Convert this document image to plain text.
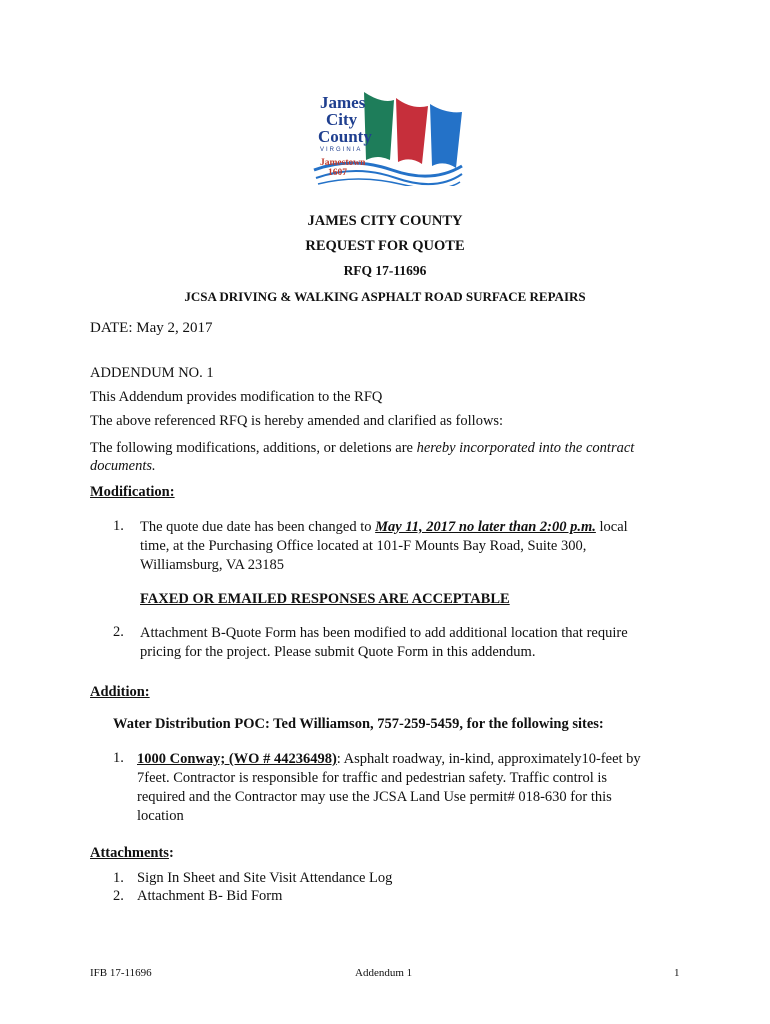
James
City
County
VIRGINIA
Jamestown
1607
JAMES CITY COUNTY
REQUEST FOR QUOTE
RFQ 17-11696
JCSA DRIVING & WALKING ASPHALT ROAD SURFACE REPAIRS
DATE: May 2, 2017
ADDENDUM NO. 1
This Addendum provides modification to the RFQ
The above referenced RFQ is hereby amended and clarified as follows:
The following modifications, additions, or deletions are hereby incorporated into the contract
documents.
Modification:
1.	The quote due date has been changed to May 11, 2017 no later than 2:00 p.m. local
time, at the Purchasing Office located at 101-F Mounts Bay Road, Suite 300,
Williamsburg, VA 23185
FAXED OR EMAILED RESPONSES ARE ACCEPTABLE
2.	Attachment B-Quote Form has been modified to add additional location that require
pricing for the project. Please submit Quote Form in this addendum.
Addition:
Water Distribution POC: Ted Williamson, 757-259-5459, for the following sites:
1. 1000 Conway; (WO # 44236498): Asphalt roadway, in-kind, approximately10-feet by
7feet. Contractor is responsible for traffic and pedestrian safety. Traffic control is
required and the Contractor may use the JCSA Land Use permit# 018-630 for this
location
Attachments:
1. Sign In Sheet and Site Visit Attendance Log
2. Attachment B- Bid Form
IFB 17-11696	Addendum 1	1
